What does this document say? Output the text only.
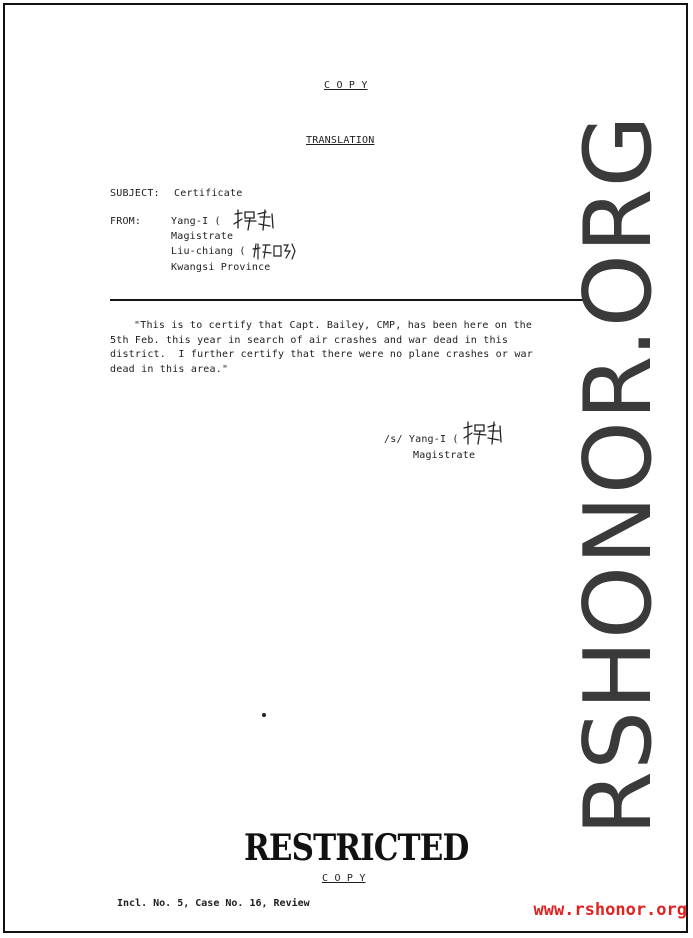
C O P Y
TRANSLATION
SUBJECT: Certificate
FROM:	Yang-I (
Magistrate
Liu-chiang (
Kwangsi Province
"This is to certify that Capt. Bailey, CMP, has been here on the
5th Feb. this year in search of air crashes and war dead in this
district.  I further certify that there were no plane crashes or war
dead in this area."
/s/ Yang-I (
Magistrate
RESTRICTED
C O P Y
Incl. No. 5, Case No. 16, Review
RSHONOR.ORG
www.rshonor.org
